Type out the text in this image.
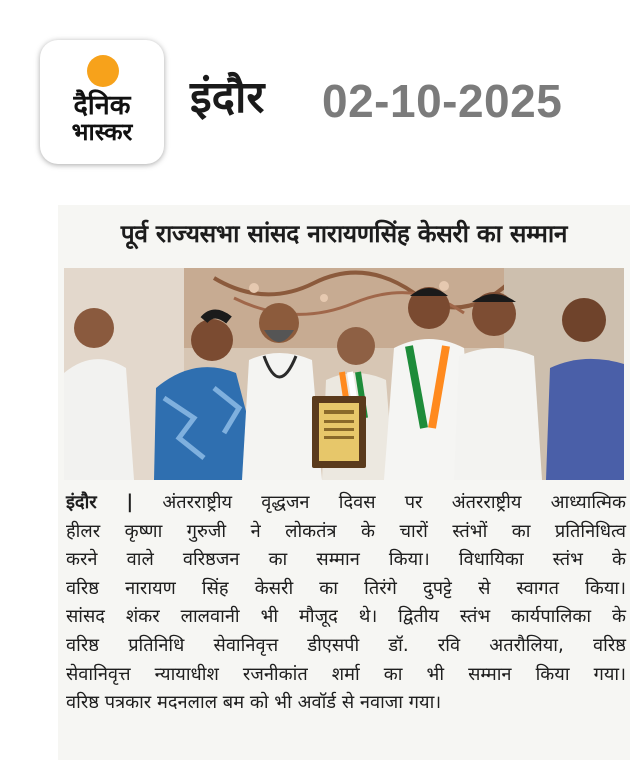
दैनिक
भास्कर
इंदौर 02-10-2025
पूर्व राज्यसभा सांसद नारायणसिंह केसरी का सम्मान
इंदौर | अंतरराष्ट्रीय वृद्धजन दिवस पर अंतरराष्ट्रीय आध्यात्मिक
हीलर कृष्णा गुरुजी ने लोकतंत्र के चारों स्तंभों का प्रतिनिधित्व
करने वाले वरिष्ठजन का सम्मान किया। विधायिका स्तंभ के
वरिष्ठ नारायण सिंह केसरी का तिरंगे दुपट्टे से स्वागत किया।
सांसद शंकर लालवानी भी मौजूद थे। द्वितीय स्तंभ कार्यपालिका के
वरिष्ठ प्रतिनिधि सेवानिवृत्त डीएसपी डॉ. रवि अतरौलिया, वरिष्ठ
सेवानिवृत्त न्यायाधीश रजनीकांत शर्मा का भी सम्मान किया गया।
वरिष्ठ पत्रकार मदनलाल बम को भी अवॉर्ड से नवाजा गया।
